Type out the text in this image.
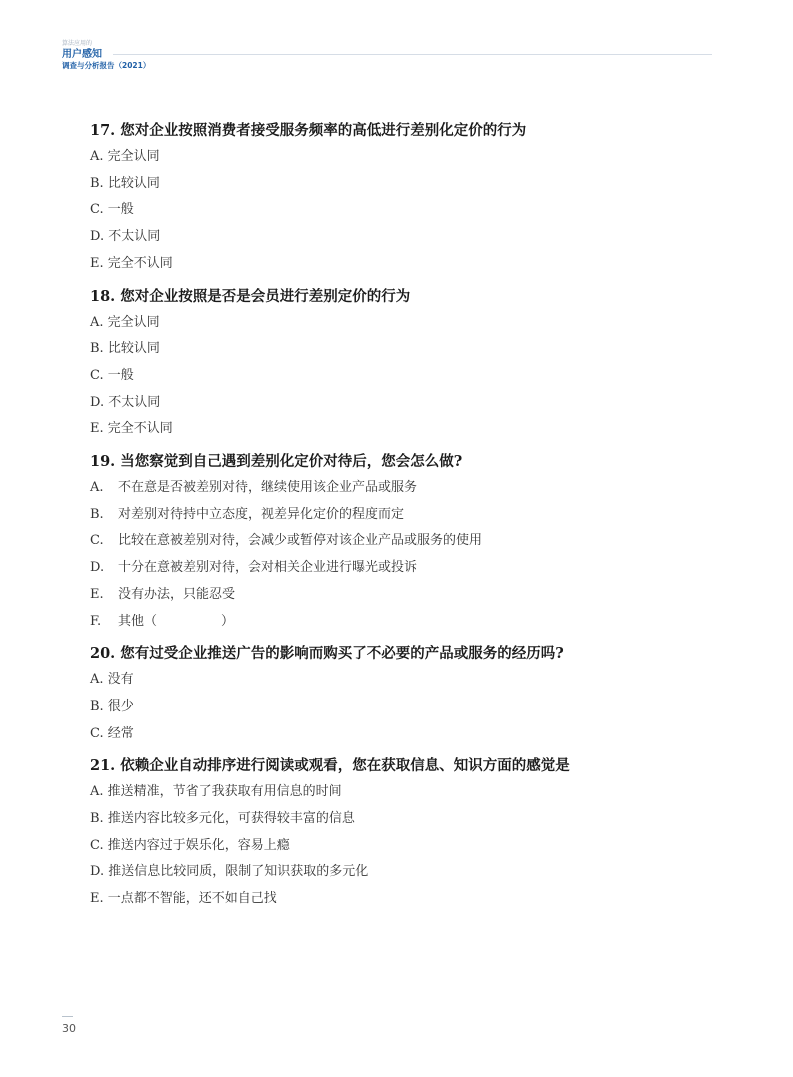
算法应用的
用户感知
调查与分析报告（2021）
17. 您对企业按照消费者接受服务频率的高低进行差别化定价的行为
A. 完全认同
B. 比较认同
C. 一般
D. 不太认同
E. 完全不认同
18. 您对企业按照是否是会员进行差别定价的行为
A. 完全认同
B. 比较认同
C. 一般
D. 不太认同
E. 完全不认同
19. 当您察觉到自己遇到差别化定价对待后，您会怎么做?
A. 不在意是否被差别对待，继续使用该企业产品或服务
B. 对差别对待持中立态度，视差异化定价的程度而定
C. 比较在意被差别对待，会减少或暂停对该企业产品或服务的使用
D. 十分在意被差别对待，会对相关企业进行曝光或投诉
E. 没有办法，只能忍受
F. 其他（	）
20. 您有过受企业推送广告的影响而购买了不必要的产品或服务的经历吗?
A. 没有
B. 很少
C. 经常
21. 依赖企业自动排序进行阅读或观看，您在获取信息、知识方面的感觉是
A. 推送精准，节省了我获取有用信息的时间
B. 推送内容比较多元化，可获得较丰富的信息
C. 推送内容过于娱乐化，容易上瘾
D. 推送信息比较同质，限制了知识获取的多元化
E. 一点都不智能，还不如自己找
30
